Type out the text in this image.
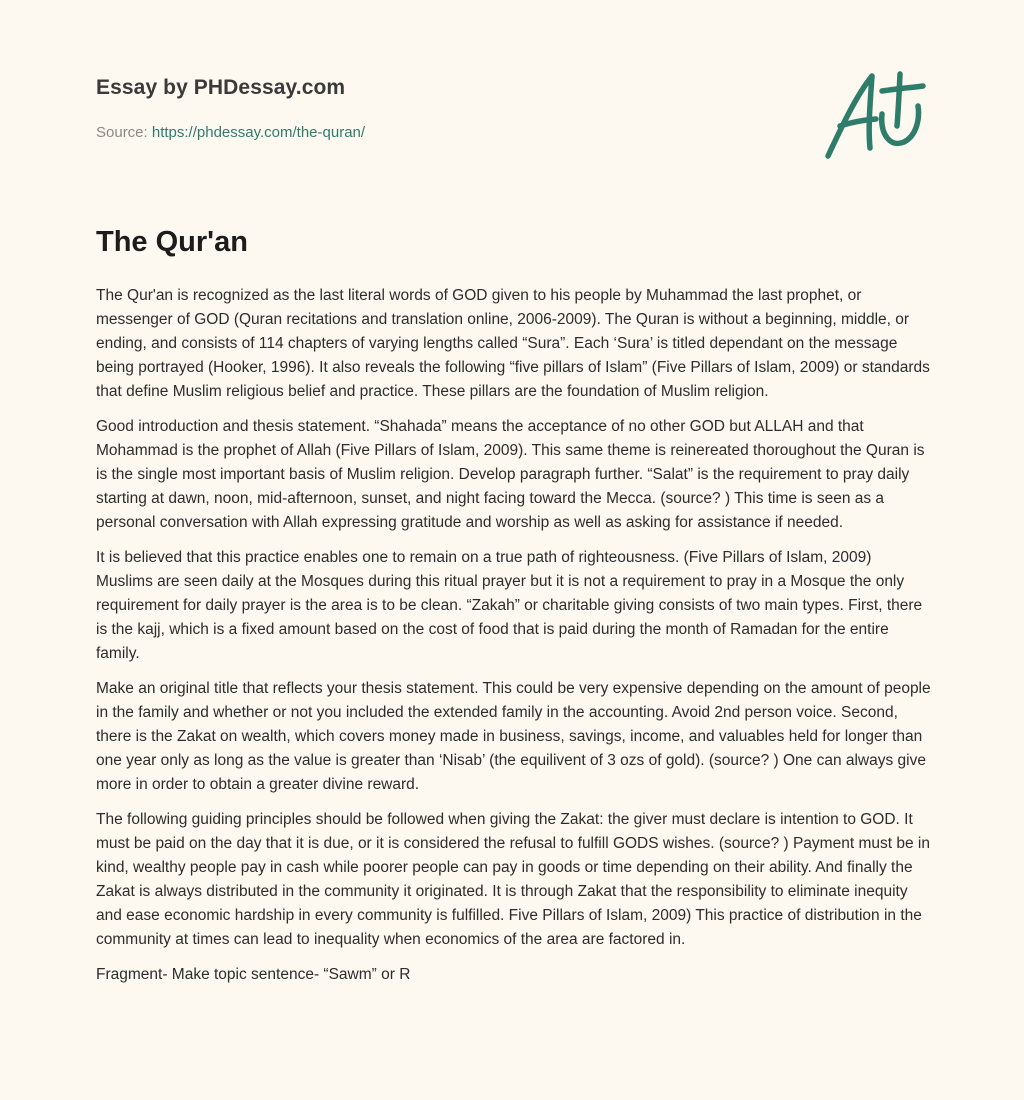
Essay by PHDessay.com
Source: https://phdessay.com/the-quran/
The Qur'an

The Qur'an is recognized as the last literal words of GOD given to his people by Muhammad the last prophet, or messenger of GOD (Quran recitations and translation online, 2006-2009). The Quran is without a beginning, middle, or ending, and consists of 114 chapters of varying lengths called “Sura”. Each ‘Sura’ is titled dependant on the message being portrayed (Hooker, 1996). It also reveals the following “five pillars of Islam” (Five Pillars of Islam, 2009) or standards that define Muslim religious belief and practice. These pillars are the foundation of Muslim religion.

Good introduction and thesis statement. “Shahada” means the acceptance of no other GOD but ALLAH and that Mohammad is the prophet of Allah (Five Pillars of Islam, 2009). This same theme is reinereated thoroughout the Quran is is the single most important basis of Muslim religion. Develop paragraph further. “Salat” is the requirement to pray daily starting at dawn, noon, mid-afternoon, sunset, and night facing toward the Mecca. (source? ) This time is seen as a personal conversation with Allah expressing gratitude and worship as well as asking for assistance if needed.

It is believed that this practice enables one to remain on a true path of righteousness. (Five Pillars of Islam, 2009) Muslims are seen daily at the Mosques during this ritual prayer but it is not a requirement to pray in a Mosque the only requirement for daily prayer is the area is to be clean. “Zakah” or charitable giving consists of two main types. First, there is the kajj, which is a fixed amount based on the cost of food that is paid during the month of Ramadan for the entire family.

Make an original title that reflects your thesis statement. This could be very expensive depending on the amount of people in the family and whether or not you included the extended family in the accounting. Avoid 2nd person voice. Second, there is the Zakat on wealth, which covers money made in business, savings, income, and valuables held for longer than one year only as long as the value is greater than ‘Nisab’ (the equilivent of 3 ozs of gold). (source? ) One can always give more in order to obtain a greater divine reward.

The following guiding principles should be followed when giving the Zakat: the giver must declare is intention to GOD. It must be paid on the day that it is due, or it is considered the refusal to fulfill GODS wishes. (source? ) Payment must be in kind, wealthy people pay in cash while poorer people can pay in goods or time depending on their ability. And finally the Zakat is always distributed in the community it originated. It is through Zakat that the responsibility to eliminate inequity and ease economic hardship in every community is fulfilled. Five Pillars of Islam, 2009) This practice of distribution in the community at times can lead to inequality when economics of the area are factored in.

Fragment- Make topic sentence- “Sawm” or R
